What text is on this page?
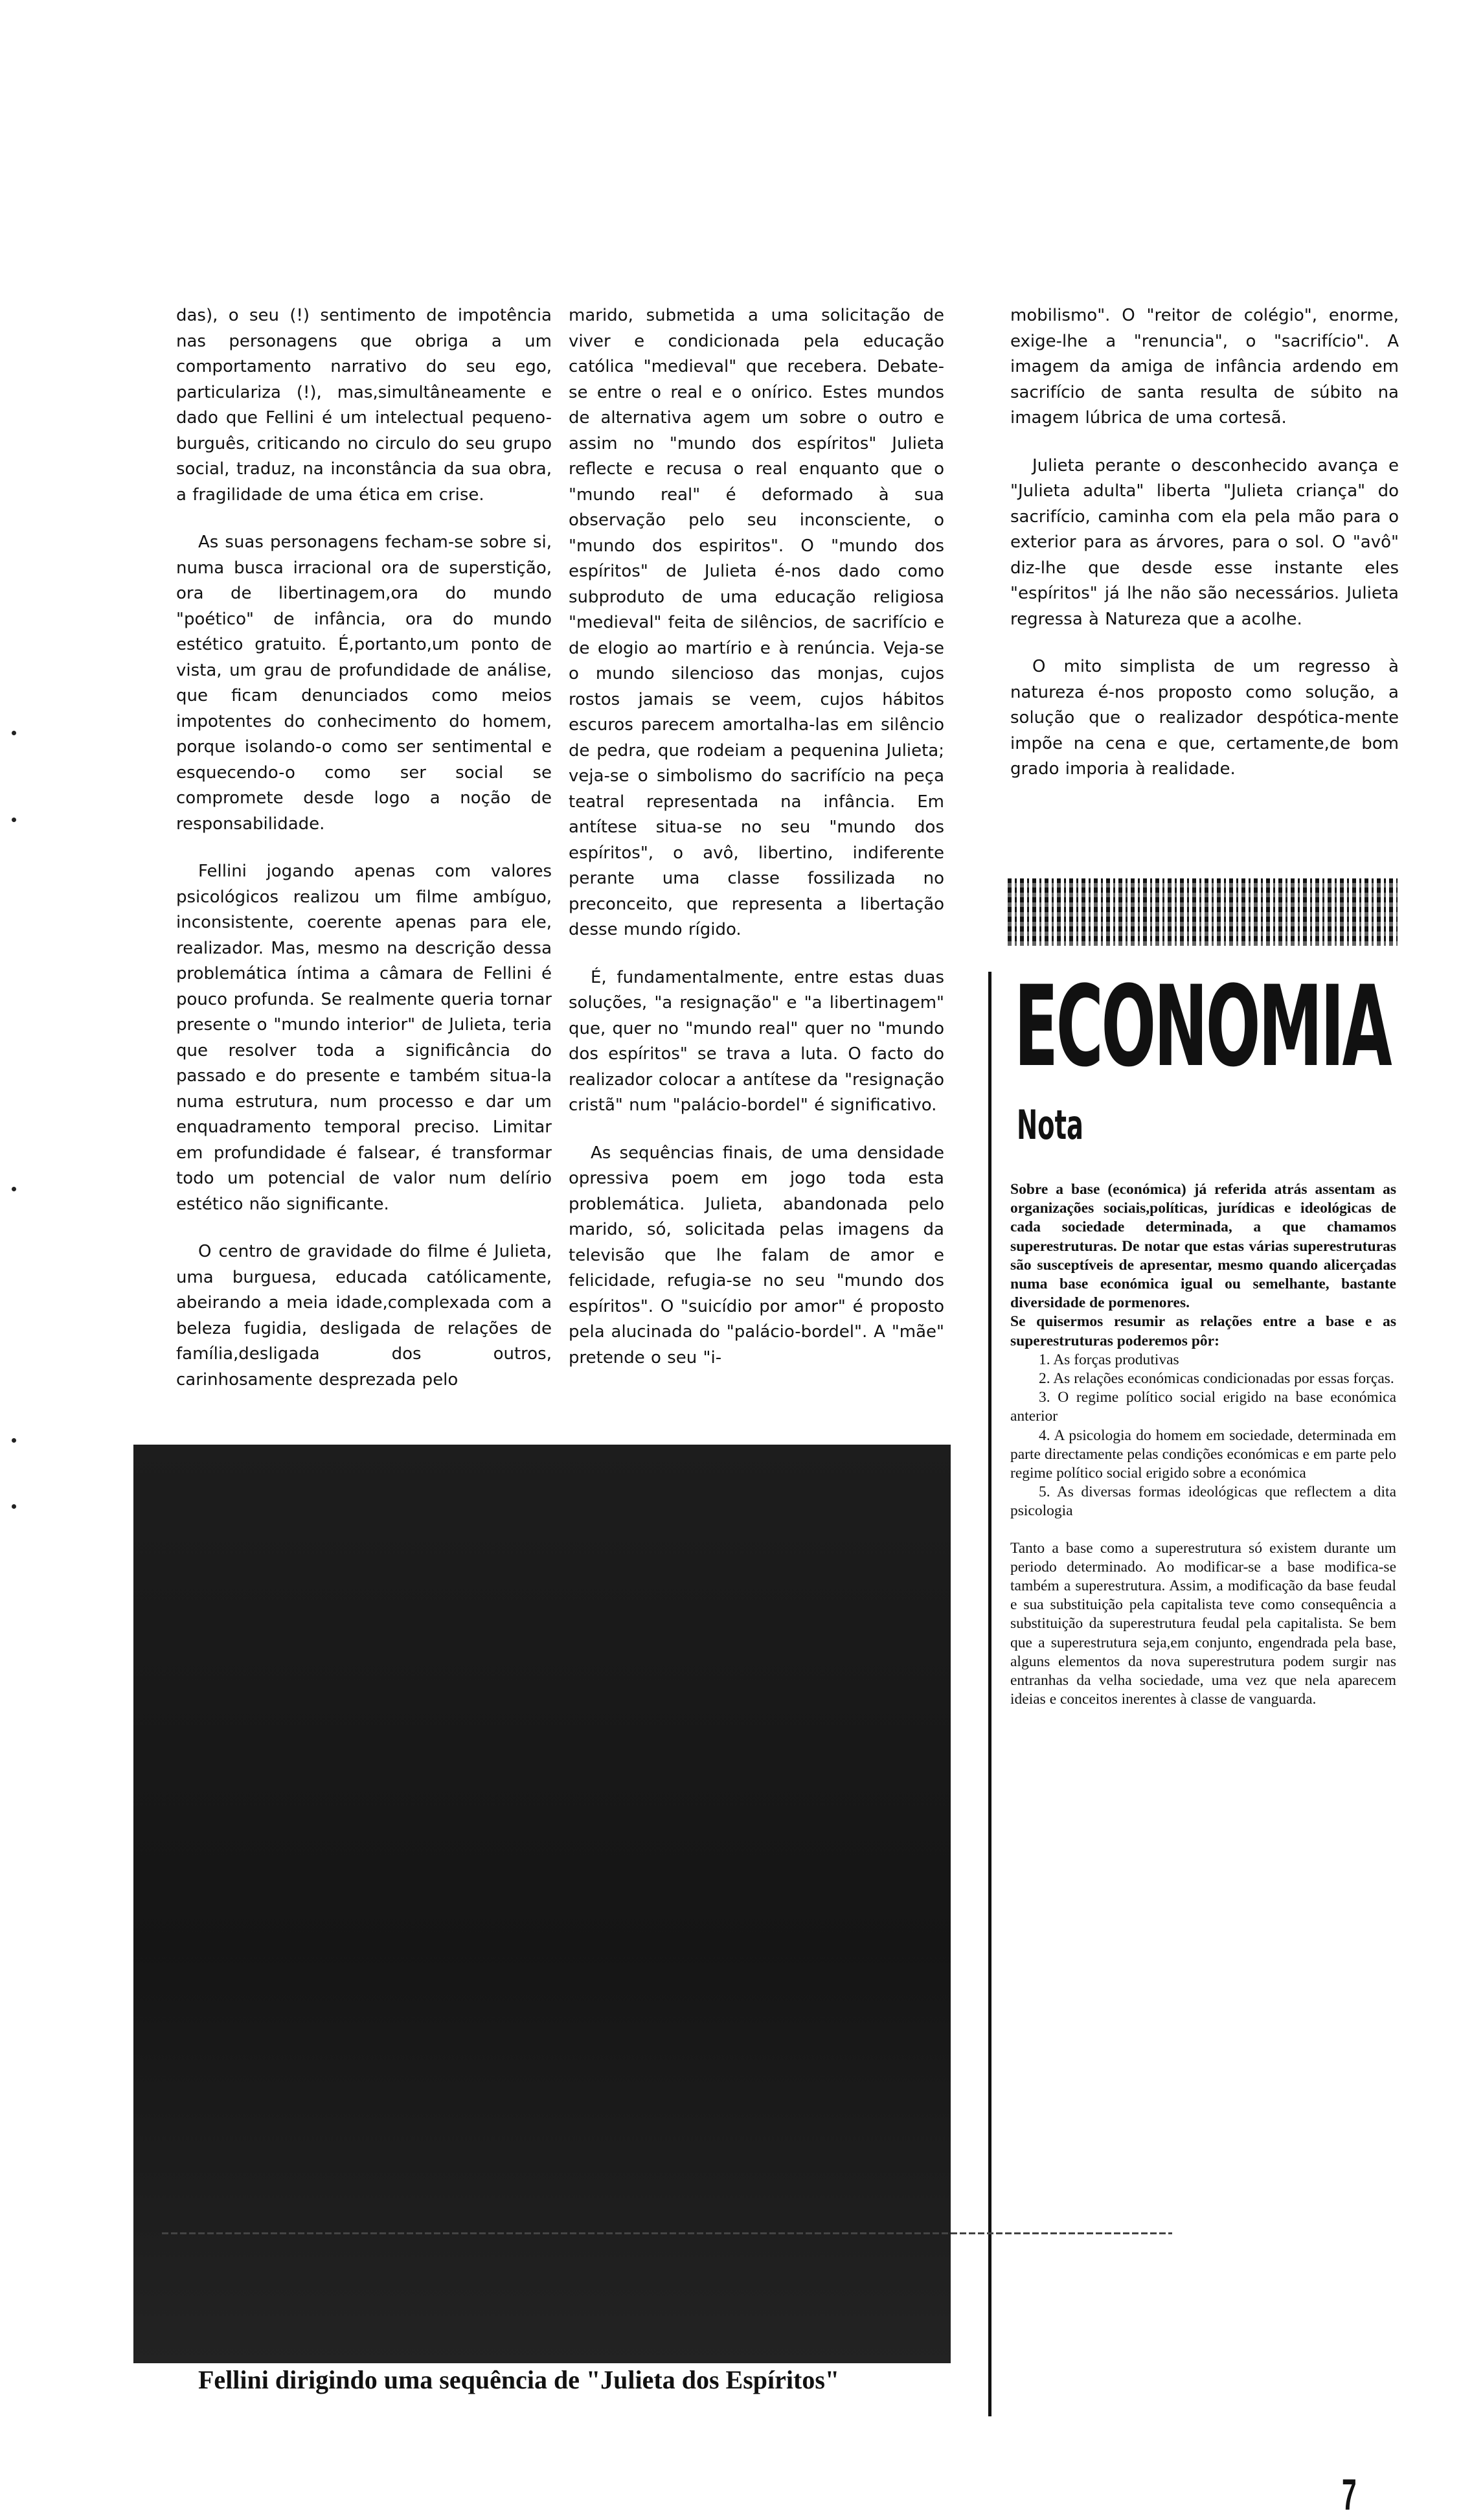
das), o seu (!) sentimento de impotência nas personagens que obriga a um comportamento narrativo do seu ego, particulariza (!), mas,simultâneamente e dado que Fellini é um intelectual pequeno-burguês, criticando no circulo do seu grupo social, traduz, na inconstância da sua obra, a fragilidade de uma ética em crise.

As suas personagens fecham-se sobre si, numa busca irracional ora de superstição, ora de libertinagem,ora do mundo "poético" de infância, ora do mundo estético gratuito. É,portanto,um ponto de vista, um grau de profundidade de análise, que ficam denunciados como meios impotentes do conhecimento do homem, porque isolando-o como ser sentimental e esquecendo-o como ser social se compromete desde logo a noção de responsabilidade.

Fellini jogando apenas com valores psicológicos realizou um filme ambíguo, inconsistente, coerente apenas para ele, realizador. Mas, mesmo na descrição dessa problemática íntima a câmara de Fellini é pouco profunda. Se realmente queria tornar presente o "mundo interior" de Julieta, teria que resolver toda a significância do passado e do presente e também situa-la numa estrutura, num processo e dar um enquadramento temporal preciso. Limitar em profundidade é falsear, é transformar todo um potencial de valor num delírio estético não significante.

O centro de gravidade do filme é Julieta, uma burguesa, educada católicamente, abeirando a meia idade,complexada com a beleza fugidia, desligada de relações de família,desligada dos outros, carinhosamente desprezada pelo

marido, submetida a uma solicitação de viver e condicionada pela educação católica "medieval" que recebera. Debate-se entre o real e o onírico. Estes mundos de alternativa agem um sobre o outro e assim no "mundo dos espíritos" Julieta reflecte e recusa o real enquanto que o "mundo real" é deformado à sua observação pelo seu inconsciente, o "mundo dos espiritos". O "mundo dos espíritos" de Julieta é-nos dado como subproduto de uma educação religiosa "medieval" feita de silêncios, de sacrifício e de elogio ao martírio e à renúncia. Veja-se o mundo silencioso das monjas, cujos rostos jamais se veem, cujos hábitos escuros parecem amortalha-las em silêncio de pedra, que rodeiam a pequenina Julieta; veja-se o simbolismo do sacrifício na peça teatral representada na infância. Em antítese situa-se no seu "mundo dos espíritos", o avô, libertino, indiferente perante uma classe fossilizada no preconceito, que representa a libertação desse mundo rígido.

É, fundamentalmente, entre estas duas soluções, "a resignação" e "a libertinagem" que, quer no "mundo real" quer no "mundo dos espíritos" se trava a luta. O facto do realizador colocar a antítese da "resignação cristã" num "palácio-bordel" é significativo.

As sequências finais, de uma densidade opressiva poem em jogo toda esta problemática. Julieta, abandonada pelo marido, só, solicitada pelas imagens da televisão que lhe falam de amor e felicidade, refugia-se no seu "mundo dos espíritos". O "suicídio por amor" é proposto pela alucinada do "palácio-bordel". A "mãe" pretende o seu "i-

mobilismo". O "reitor de colégio", enorme, exige-lhe a "renuncia", o "sacrifício". A imagem da amiga de infância ardendo em sacrifício de santa resulta de súbito na imagem lúbrica de uma cortesã.

Julieta perante o desconhecido avança e "Julieta adulta" liberta "Julieta criança" do sacrifício, caminha com ela pela mão para o exterior para as árvores, para o sol. O "avô" diz-lhe que desde esse instante eles "espíritos" já lhe não são necessários. Julieta regressa à Natureza que a acolhe.

O mito simplista de um regresso à natureza é-nos proposto como solução, a solução que o realizador despótica-mente impõe na cena e que, certamente,de bom grado imporia à realidade.

Fellini dirigindo uma sequência de "Julieta dos Espíritos"
ECONOMIA
Nota

Sobre a base (económica) já referida atrás assentam as organizações sociais,políticas, jurídicas e ideológicas de cada sociedade determinada, a que chamamos superestruturas. De notar que estas várias superestruturas são susceptíveis de apresentar, mesmo quando alicerçadas numa base económica igual ou semelhante, bastante diversidade de pormenores.

Se quisermos resumir as relações entre a base e as superestruturas poderemos pôr:

1. As forças produtivas
2. As relações económicas condicionadas por essas forças.
3. O regime político social erigido na base económica anterior
4. A psicologia do homem em sociedade, determinada em parte directamente pelas condições económicas e em parte pelo regime político social erigido sobre a económica
5. As diversas formas ideológicas que reflectem a dita psicologia

Tanto a base como a superestrutura só existem durante um periodo determinado. Ao modificar-se a base modifica-se também a superestrutura. Assim, a modificação da base feudal e sua substituição pela capitalista teve como consequência a substituição da superestrutura feudal pela capitalista. Se bem que a superestrutura seja,em conjunto, engendrada pela base, alguns elementos da nova superestrutura podem surgir nas entranhas da velha sociedade, uma vez que nela aparecem ideias e conceitos inerentes à classe de vanguarda.

7
